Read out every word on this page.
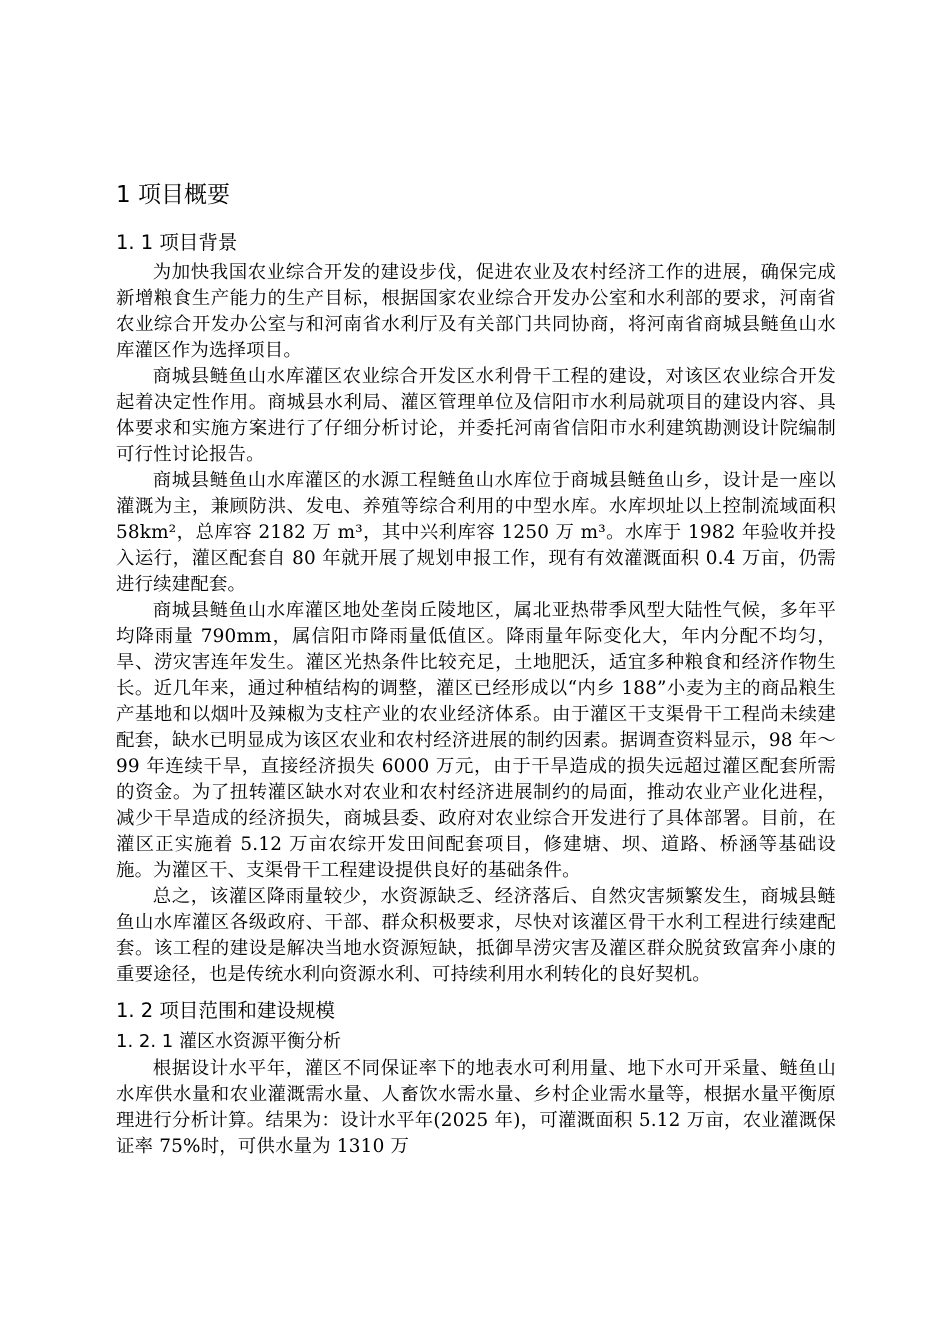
1 项目概要
1. 1 项目背景

为加快我国农业综合开发的建设步伐，促进农业及农村经济工作的进展，确保完成新增粮食生产能力的生产目标，根据国家农业综合开发办公室和水利部的要求，河南省农业综合开发办公室与和河南省水利厅及有关部门共同协商，将河南省商城县鲢鱼山水库灌区作为选择项目。

商城县鲢鱼山水库灌区农业综合开发区水利骨干工程的建设，对该区农业综合开发起着决定性作用。商城县水利局、灌区管理单位及信阳市水利局就项目的建设内容、具体要求和实施方案进行了仔细分析讨论，并委托河南省信阳市水利建筑勘测设计院编制可行性讨论报告。

商城县鲢鱼山水库灌区的水源工程鲢鱼山水库位于商城县鲢鱼山乡，设计是一座以灌溉为主，兼顾防洪、发电、养殖等综合利用的中型水库。水库坝址以上控制流域面积 58km²，总库容 2182 万 m³，其中兴利库容 1250 万 m³。水库于 1982 年验收并投入运行，灌区配套自 80 年就开展了规划申报工作，现有有效灌溉面积 0.4 万亩，仍需进行续建配套。

商城县鲢鱼山水库灌区地处垄岗丘陵地区，属北亚热带季风型大陆性气候，多年平均降雨量 790mm，属信阳市降雨量低值区。降雨量年际变化大，年内分配不均匀，旱、涝灾害连年发生。灌区光热条件比较充足，土地肥沃，适宜多种粮食和经济作物生长。近几年来，通过种植结构的调整，灌区已经形成以“内乡 188”小麦为主的商品粮生产基地和以烟叶及辣椒为支柱产业的农业经济体系。由于灌区干支渠骨干工程尚未续建配套，缺水已明显成为该区农业和农村经济进展的制约因素。据调查资料显示，98 年～99 年连续干旱，直接经济损失 6000 万元，由于干旱造成的损失远超过灌区配套所需的资金。为了扭转灌区缺水对农业和农村经济进展制约的局面，推动农业产业化进程，减少干旱造成的经济损失，商城县委、政府对农业综合开发进行了具体部署。目前，在灌区正实施着 5.12 万亩农综开发田间配套项目，修建塘、坝、道路、桥涵等基础设施。为灌区干、支渠骨干工程建设提供良好的基础条件。

总之，该灌区降雨量较少，水资源缺乏、经济落后、自然灾害频繁发生，商城县鲢鱼山水库灌区各级政府、干部、群众积极要求，尽快对该灌区骨干水利工程进行续建配套。该工程的建设是解决当地水资源短缺，抵御旱涝灾害及灌区群众脱贫致富奔小康的重要途径，也是传统水利向资源水利、可持续利用水利转化的良好契机。

1. 2 项目范围和建设规模
1. 2. 1 灌区水资源平衡分析

根据设计水平年，灌区不同保证率下的地表水可利用量、地下水可开采量、鲢鱼山水库供水量和农业灌溉需水量、人畜饮水需水量、乡村企业需水量等，根据水量平衡原理进行分析计算。结果为：设计水平年(2025 年)，可灌溉面积 5.12 万亩，农业灌溉保证率 75%时，可供水量为 1310 万
